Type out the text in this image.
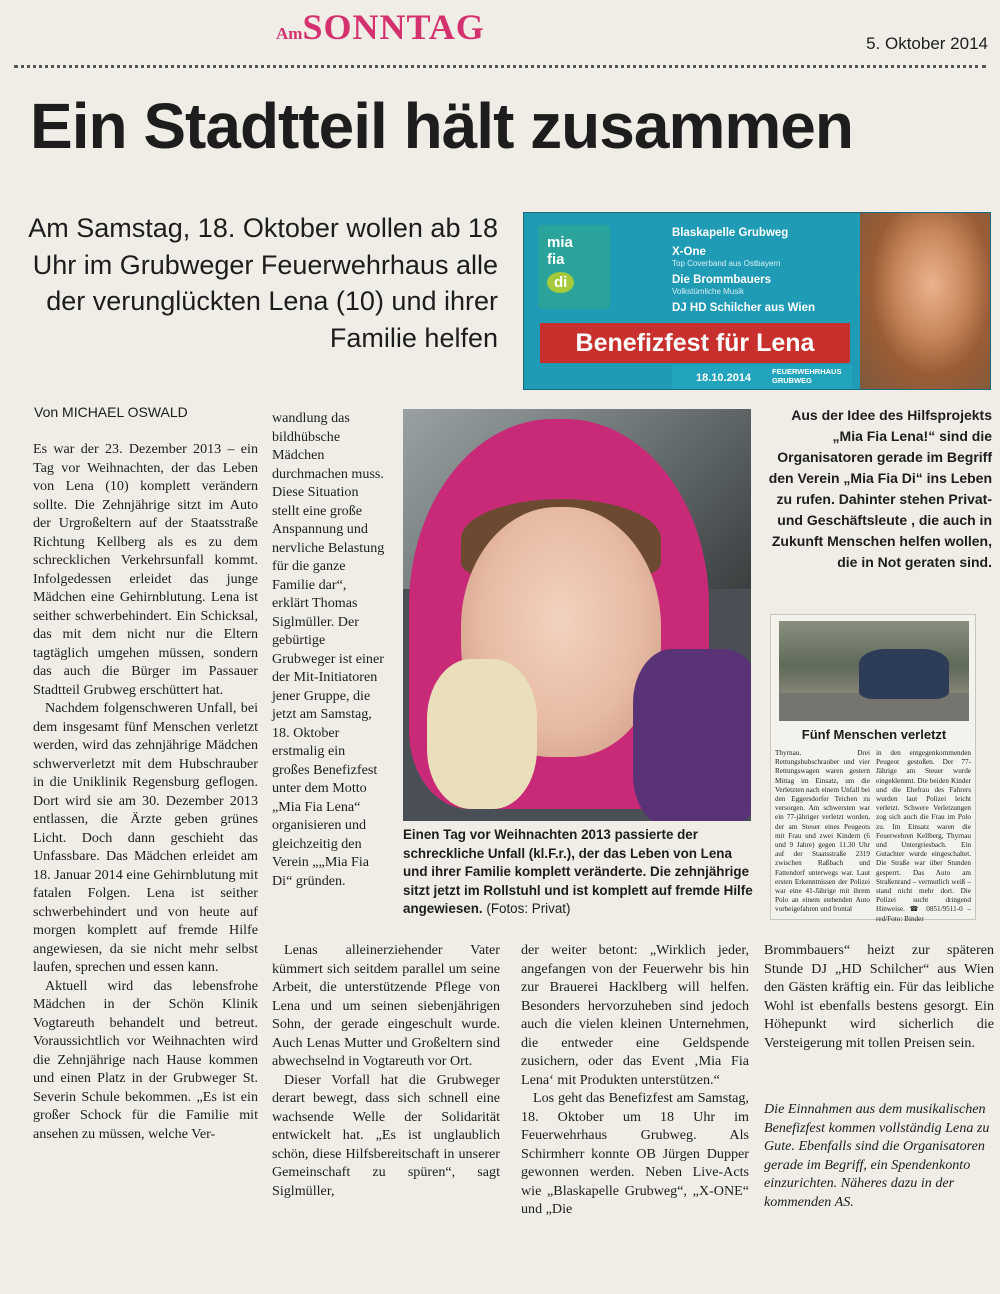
AmSONNTAG	5. Oktober 2014
Ein Stadtteil hält zusammen
Am Samstag, 18. Oktober wollen ab 18 Uhr im Grubweger Feuerwehrhaus alle der verunglückten Lena (10) und ihrer Familie helfen
mia
fia
di
Blaskapelle Grubweg
X-One
Top Coverband aus Ostbayern
Die Brommbauers
Volkstümliche Musik
DJ HD Schilcher aus Wien
Benefizfest für Lena
18.10.2014
FEUERWEHRHAUS GRUBWEG
Von MICHAEL OSWALD

Es war der 23. Dezember 2013 – ein Tag vor Weihnachten, der das Leben von Lena (10) komplett verändern sollte. Die Zehnjährige sitzt im Auto der Urgroßeltern auf der Staatsstraße Richtung Kellberg als es zu dem schrecklichen Verkehrsunfall kommt. Infolgedessen erleidet das junge Mädchen eine Gehirnblutung. Lena ist seither schwerbehindert. Ein Schicksal, das mit dem nicht nur die Eltern tagtäglich umgehen müssen, sondern das auch die Bürger im Passauer Stadtteil Grubweg erschüttert hat.

Nachdem folgenschweren Unfall, bei dem insgesamt fünf Menschen verletzt werden, wird das zehnjährige Mädchen schwerverletzt mit dem Hubschrauber in die Uniklinik Regensburg geflogen. Dort wird sie am 30. Dezember 2013 entlassen, die Ärzte geben grünes Licht. Doch dann geschieht das Unfassbare. Das Mädchen erleidet am 18. Januar 2014 eine Gehirnblutung mit fatalen Folgen. Lena ist seither schwerbehindert und von heute auf morgen komplett auf fremde Hilfe angewiesen, da sie nicht mehr selbst laufen, sprechen und essen kann.

Aktuell wird das lebensfrohe Mädchen in der Schön Klinik Vogtareuth behandelt und betreut. Voraussichtlich vor Weihnachten wird die Zehnjährige nach Hause kommen und einen Platz in der Grubweger St. Severin Schule bekommen. „Es ist ein großer Schock für die Familie mit ansehen zu müssen, welche Ver-

wandlung das bildhübsche Mädchen durchmachen muss. Diese Situation stellt eine große Anspannung und nervliche Belastung für die ganze Familie dar“, erklärt Thomas Siglmüller. Der gebürtige Grubweger ist einer der Mit-Initiatoren jener Gruppe, die jetzt am Samstag, 18. Oktober erstmalig ein großes Benefizfest unter dem Motto „Mia Fia Lena“ organisieren und gleichzeitig den Verein „„Mia Fia Di“ gründen.

Einen Tag vor Weihnachten 2013 passierte der schreckliche Unfall (kl.F.r.), der das Leben von Lena und ihrer Familie komplett veränderte. Die zehnjährige sitzt jetzt im Rollstuhl und ist komplett auf fremde Hilfe angewiesen. (Fotos: Privat)
Aus der Idee des Hilfsprojekts „Mia Fia Lena!“ sind die Organisatoren gerade im Begriff den Verein „Mia Fia Di“ ins Leben zu rufen. Dahinter stehen Privat- und Geschäftsleute , die auch in Zukunft Menschen helfen wollen, die in Not geraten sind.
Fünf Menschen verletzt
Thyrnau. Drei Rettungshubschrauber und vier Rettungswagen waren gestern Mittag im Einsatz, um die Verletzten nach einem Unfall bei den Eggersdorfer Teichen zu versorgen. Am schwersten war ein 77-jähriger verletzt worden, der am Steuer eines Peugeots mit Frau und zwei Kindern (6 und 9 Jahre) gegen 11.30 Uhr auf der Staatsstraße 2319 zwischen Raßbach und Fattendorf unterwegs war. Laut ersten Erkenntnissen der Polizei war eine 41-Jährige mit ihrem Polo an einem stehenden Auto vorbeigefahren und frontal
in den entgegenkommenden Peugeot gestoßen. Der 77-Jährige am Steuer wurde eingeklemmt. Die beiden Kinder und die Ehefrau des Fahrers wurden laut Polizei leicht verletzt. Schwere Verletzungen zog sich auch die Frau im Polo zu. Im Einsatz waren die Feuerwehren Kellberg, Thyrnau und Untergriesbach. Ein Gutachter wurde eingeschaltet. Die Straße war über Stunden gesperrt. Das Auto am Straßenrand – vermutlich weiß – stand nicht mehr dort. Die Polizei sucht dringend Hinweise. ☎ 0851/9511-0 – red/Foto: Binder

Lenas alleinerziehender Vater kümmert sich seitdem parallel um seine Arbeit, die unterstützende Pflege von Lena und um seinen siebenjährigen Sohn, der gerade eingeschult wurde. Auch Lenas Mutter und Großeltern sind abwechselnd in Vogtareuth vor Ort.

Dieser Vorfall hat die Grubweger derart bewegt, dass sich schnell eine wachsende Welle der Solidarität entwickelt hat. „Es ist unglaublich schön, diese Hilfsbereitschaft in unserer Gemeinschaft zu spüren“, sagt Siglmüller,

der weiter betont: „Wirklich jeder, angefangen von der Feuerwehr bis hin zur Brauerei Hacklberg will helfen. Besonders hervorzuheben sind jedoch auch die vielen kleinen Unternehmen, die entweder eine Geldspende zusichern, oder das Event ‚Mia Fia Lena‘ mit Produkten unterstützen.“

Los geht das Benefizfest am Samstag, 18. Oktober um 18 Uhr im Feuerwehrhaus Grubweg. Als Schirmherr konnte OB Jürgen Dupper gewonnen werden. Neben Live-Acts wie „Blaskapelle Grubweg“, „X-ONE“ und „Die

Brommbauers“ heizt zur späteren Stunde DJ „HD Schilcher“ aus Wien den Gästen kräftig ein. Für das leibliche Wohl ist ebenfalls bestens gesorgt. Ein Höhepunkt wird sicherlich die Versteigerung mit tollen Preisen sein.

Die Einnahmen aus dem musikalischen Benefizfest kommen vollständig Lena zu Gute. Ebenfalls sind die Organisatoren gerade im Begriff, ein Spendenkonto einzurichten. Näheres dazu in der kommenden AS.
